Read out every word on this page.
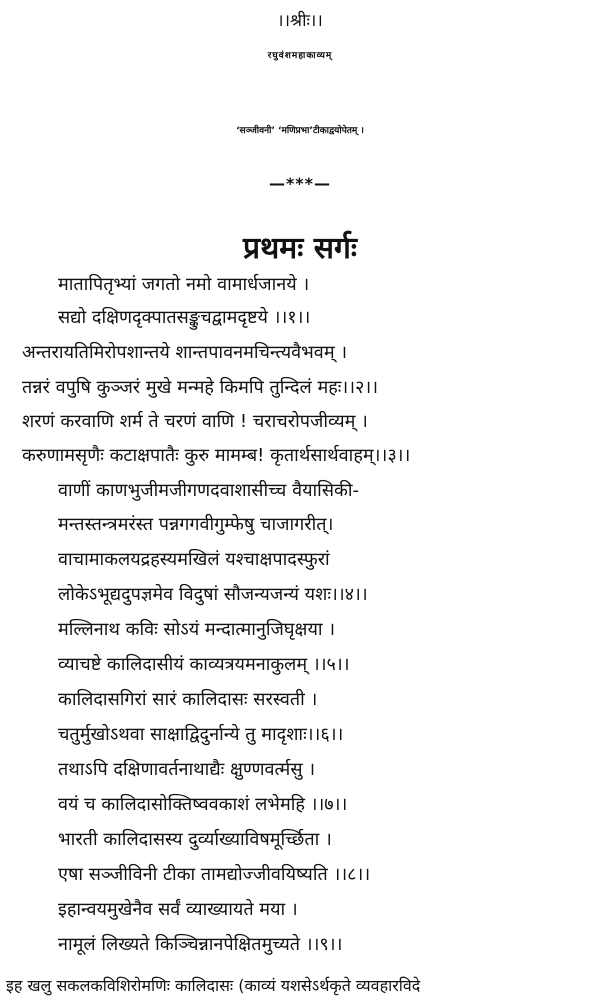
।।श्रीः।।
रघुवंशमहाकाव्यम्
‘सञ्जीवनी’ ‘मणिप्रभा’टीकाद्वयोपेतम् ।
—***—
प्रथमः सर्गः
मातापितृभ्यां जगतो नमो वामार्धजानये ।
सद्यो दक्षिणदृक्पातसङ्कुचद्वामदृष्टये ।।१।।
अन्तरायतिमिरोपशान्तये शान्तपावनमचिन्त्यवैभवम् ।
तन्नरं वपुषि कुञ्जरं मुखे मन्महे किमपि तुन्दिलं महः।।२।।
शरणं करवाणि शर्म ते चरणं वाणि ! चराचरोपजीव्यम् ।
करुणामसृणैः कटाक्षपातैः कुरु मामम्ब! कृतार्थसार्थवाहम्।।३।।
वाणीं काणभुजीमजीगणदवाशासीच्च वैयासिकी-
मन्तस्तन्त्रमरंस्त पन्नगगवीगुम्फेषु चाजागरीत्।
वाचामाकलयद्रहस्यमखिलं यश्चाक्षपादस्फुरां
लोकेऽभूद्यदुपज्ञमेव विदुषां सौजन्यजन्यं यशः।।४।।
मल्लिनाथ कविः सोऽयं मन्दात्मानुजिघृक्षया ।
व्याचष्टे कालिदासीयं काव्यत्रयमनाकुलम् ।।५।।
कालिदासगिरां सारं कालिदासः सरस्वती ।
चतुर्मुखोऽथवा साक्षाद्विदुर्नान्ये तु मादृशाः।।६।।
तथाऽपि दक्षिणावर्तनाथाद्यैः क्षुण्णवर्त्मसु ।
वयं च कालिदासोक्तिष्ववकाशं लभेमहि ।।७।।
भारती कालिदासस्य दुर्व्याख्याविषमूर्च्छिता ।
एषा सञ्जीविनी टीका तामद्योज्जीवयिष्यति ।।८।।
इहान्वयमुखेनैव सर्वं व्याख्यायते मया ।
नामूलं लिख्यते किञ्चिन्नानपेक्षितमुच्यते ।।९।।
इह खलु सकलकविशिरोमणिः कालिदासः (काव्यं यशसेऽर्थकृते व्यवहारविदे
